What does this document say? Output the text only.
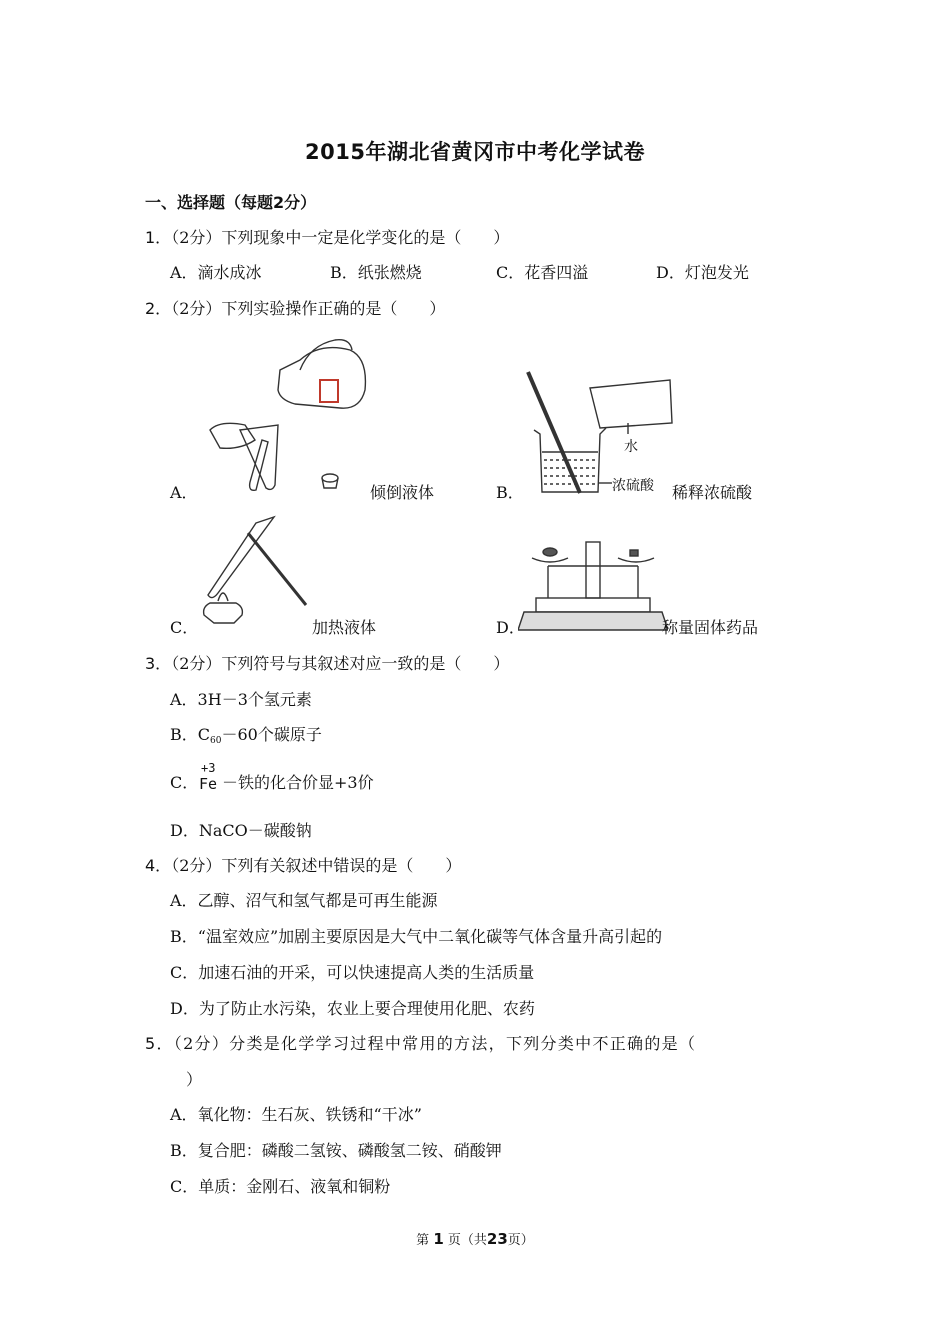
2015年湖北省黄冈市中考化学试卷
一、选择题（每题2分）
1．（2分）下列现象中一定是化学变化的是（　　）
A．滴水成冰	B．纸张燃烧	C．花香四溢	D．灯泡发光
2．（2分）下列实验操作正确的是（　　）
A．	倾倒液体
水
浓硫酸
B．	稀释浓硫酸
C．	加热液体	D．	称量固体药品
3．（2分）下列符号与其叙述对应一致的是（　　）
A．3H－3个氢元素
B．$C_{60}-60$个碳原子
C．
+3
Fe －铁的化合价显+3价
D．NaCO－碳酸钠
4．（2分）下列有关叙述中错误的是（　　）
A．乙醇、沼气和氢气都是可再生能源
B．“温室效应”加剧主要原因是大气中二氧化碳等气体含量升高引起的
C．加速石油的开采，可以快速提高人类的生活质量
D．为了防止水污染，农业上要合理使用化肥、农药
5．（2分）分类是化学学习过程中常用的方法，下列分类中不正确的是（
）
A．氧化物：生石灰、铁锈和“干冰”
B．复合肥：磷酸二氢铵、磷酸氢二铵、硝酸钾
C．单质：金刚石、液氧和铜粉
第 1 页（共23页）
